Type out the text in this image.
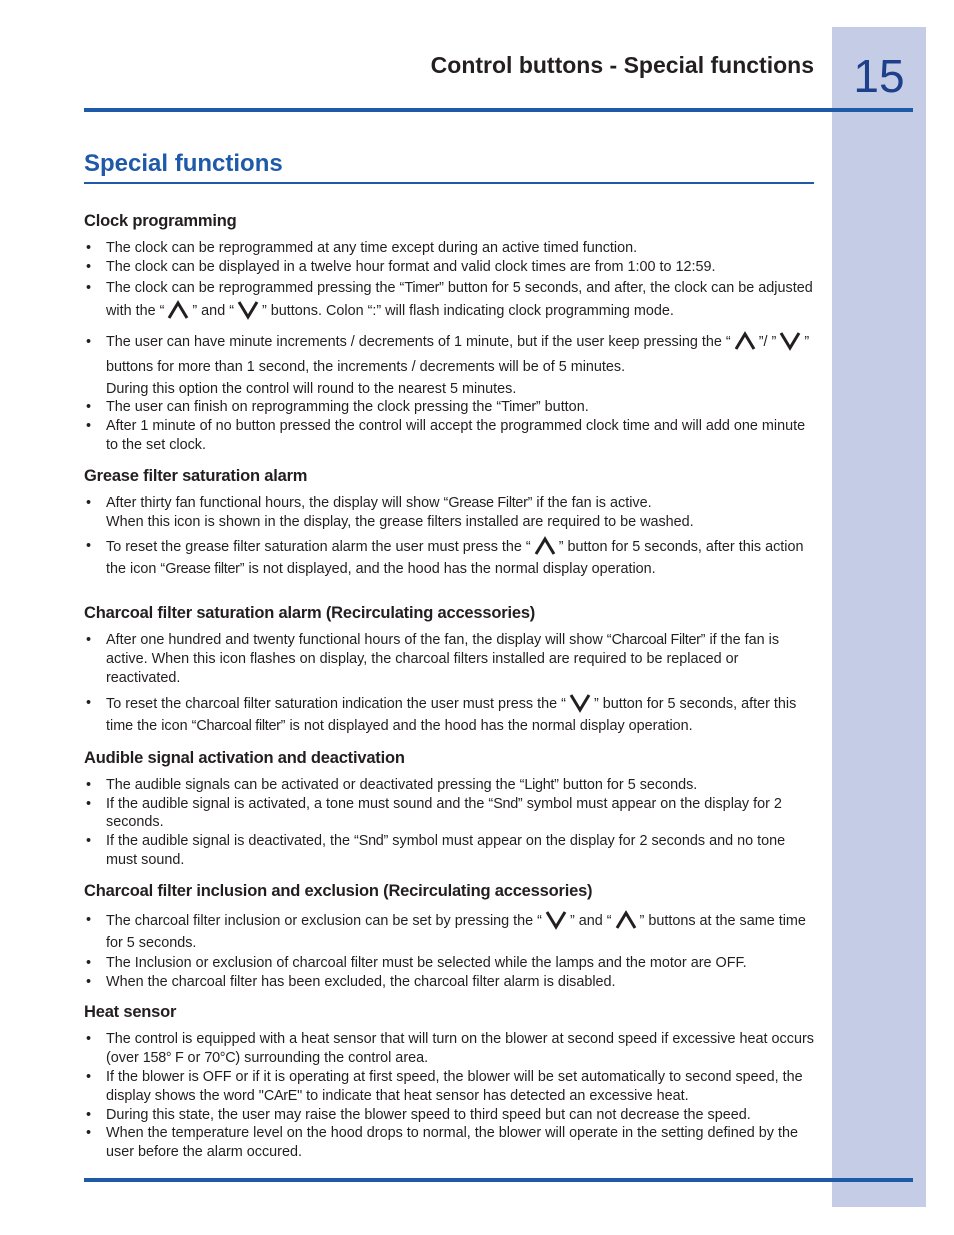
15
Control buttons - Special functions
Special functions
Clock programming
• The clock can be reprogrammed at any time except during an active timed function.
• The clock can be displayed in a twelve hour format and valid clock times are from 1:00 to 12:59.
• The clock can be reprogrammed pressing the “Timer” button for 5 seconds, and after, the clock can be adjusted with the “ ” and “ ” buttons. Colon “:” will flash indicating clock programming mode.
• The user can have minute increments / decrements of 1 minute, but if the user keep pressing the “ ”/ ” ” buttons for more than 1 second, the increments / decrements will be of 5 minutes.
During this option the control will round to the nearest 5 minutes.
• The user can finish on reprogramming the clock pressing the “Timer” button.
• After 1 minute of no button pressed the control will accept the programmed clock time and will add one minute to the set clock.
Grease filter saturation alarm
• After thirty fan functional hours, the display will show “Grease Filter” if the fan is active.
When this icon is shown in the display, the grease filters installed are required to be washed.
• To reset the grease filter saturation alarm the user must press the “ ” button for 5 seconds, after this action the icon “Grease filter” is not displayed, and the hood has the normal display operation.
Charcoal filter saturation alarm (Recirculating accessories)
• After one hundred and twenty functional hours of the fan, the display will show “Charcoal Filter” if the fan is active. When this icon flashes on display, the charcoal filters installed are required to be replaced or reactivated.
• To reset the charcoal filter saturation indication the user must press the “ ” button for 5 seconds, after this time the icon “Charcoal filter” is not displayed and the hood has the normal display operation.
Audible signal activation and deactivation
• The audible signals can be activated or deactivated pressing the “Light” button for 5 seconds.
• If the audible signal is activated, a tone must sound and the “Snd” symbol must appear on the display for 2 seconds.
• If the audible signal is deactivated, the “Snd” symbol must appear on the display for 2 seconds and no tone must sound.
Charcoal filter inclusion and exclusion (Recirculating accessories)
• The charcoal filter inclusion or exclusion can be set by pressing the “ ” and “ ” buttons at the same time for 5 seconds.
• The Inclusion or exclusion of charcoal filter must be selected while the lamps and the motor are OFF.
• When the charcoal filter has been excluded, the charcoal filter alarm is disabled.
Heat sensor
• The control is equipped with a heat sensor that will turn on the blower at second speed if excessive heat occurs (over 158° F or 70°C) surrounding the control area.
• If the blower is OFF or if it is operating at first speed, the blower will be set automatically to second speed, the display shows the word "CArE" to indicate that heat sensor has detected an excessive heat.
• During this state, the user may raise the blower speed to third speed but can not decrease the speed.
• When the temperature level on the hood drops to normal, the blower will operate in the setting defined by the user before the alarm occured.
